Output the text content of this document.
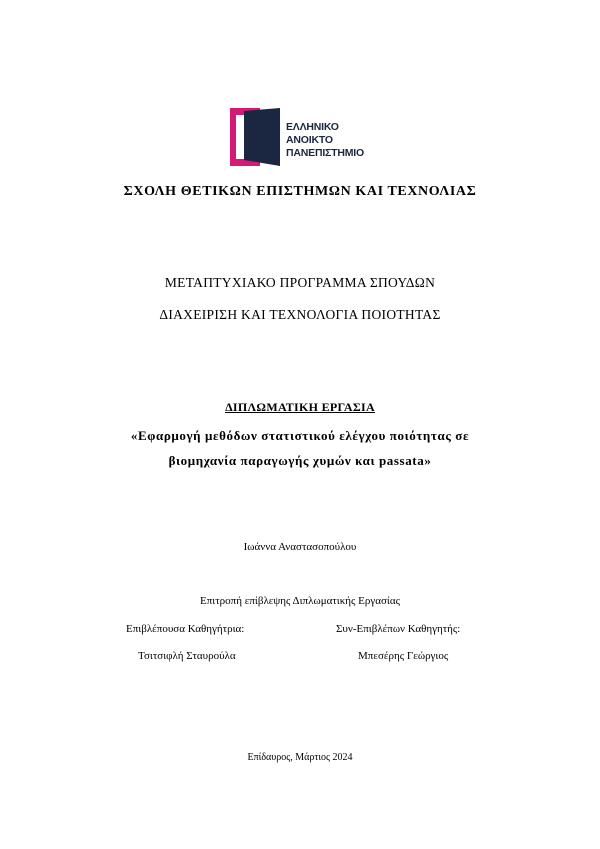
ΕΛΛΗΝΙΚΟ
ΑΝΟΙΚΤΟ
ΠΑΝΕΠΙΣΤΗΜΙΟ
ΣΧΟΛΗ ΘΕΤΙΚΩΝ ΕΠΙΣΤΗΜΩΝ ΚΑΙ ΤΕΧΝΟΛΙΑΣ
ΜΕΤΑΠΤΥΧΙΑΚΟ ΠΡΟΓΡΑΜΜΑ ΣΠΟΥΔΩΝ
ΔΙΑΧΕΙΡΙΣΗ ΚΑΙ ΤΕΧΝΟΛΟΓΙΑ ΠΟΙΟΤΗΤΑΣ
ΔΙΠΛΩΜΑΤΙΚΗ ΕΡΓΑΣΙΑ
«Εφαρμογή μεθόδων στατιστικού ελέγχου ποιότητας σε
βιομηχανία παραγωγής χυμών και passata»
Ιωάννα Αναστασοπούλου
Επιτροπή επίβλεψης Διπλωματικής Εργασίας
Επιβλέπουσα Καθηγήτρια:	Συν-Επιβλέπων Καθηγητής:
Τσιτσιφλή Σταυρούλα	Μπεσέρης Γεώργιος
Επίδαυρος, Μάρτιος 2024
